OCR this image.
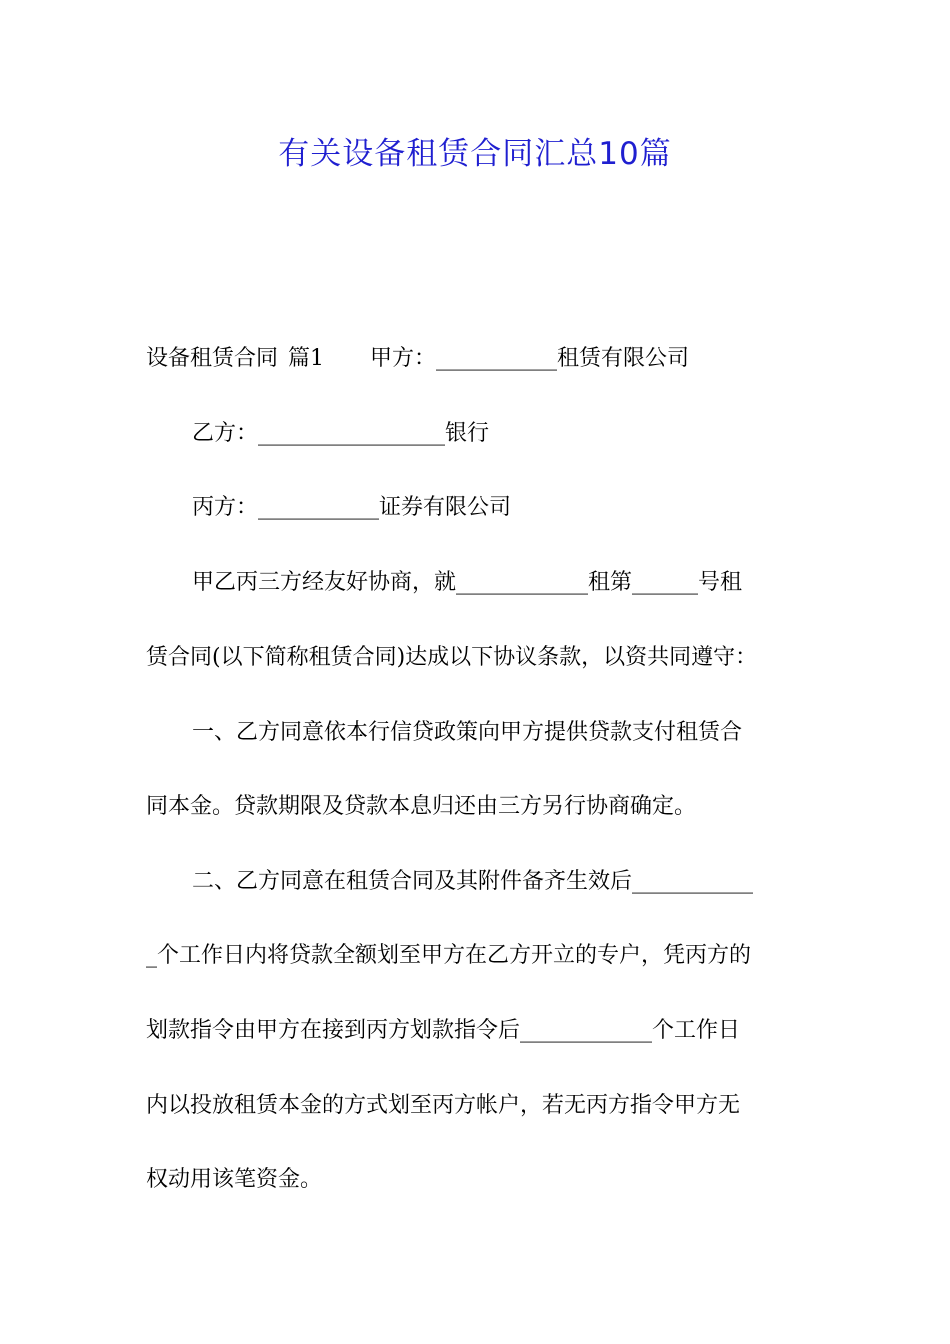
有关设备租赁合同汇总10篇
设备租赁合同 篇1 甲方：___________租赁有限公司
乙方：_________________银行
丙方：___________证券有限公司
甲乙丙三方经友好协商，就____________租第______号租
赁合同(以下简称租赁合同)达成以下协议条款，以资共同遵守：
一、乙方同意依本行信贷政策向甲方提供贷款支付租赁合
同本金。贷款期限及贷款本息归还由三方另行协商确定。
二、乙方同意在租赁合同及其附件备齐生效后___________
_个工作日内将贷款全额划至甲方在乙方开立的专户，凭丙方的
划款指令由甲方在接到丙方划款指令后____________个工作日
内以投放租赁本金的方式划至丙方帐户，若无丙方指令甲方无
权动用该笔资金。
